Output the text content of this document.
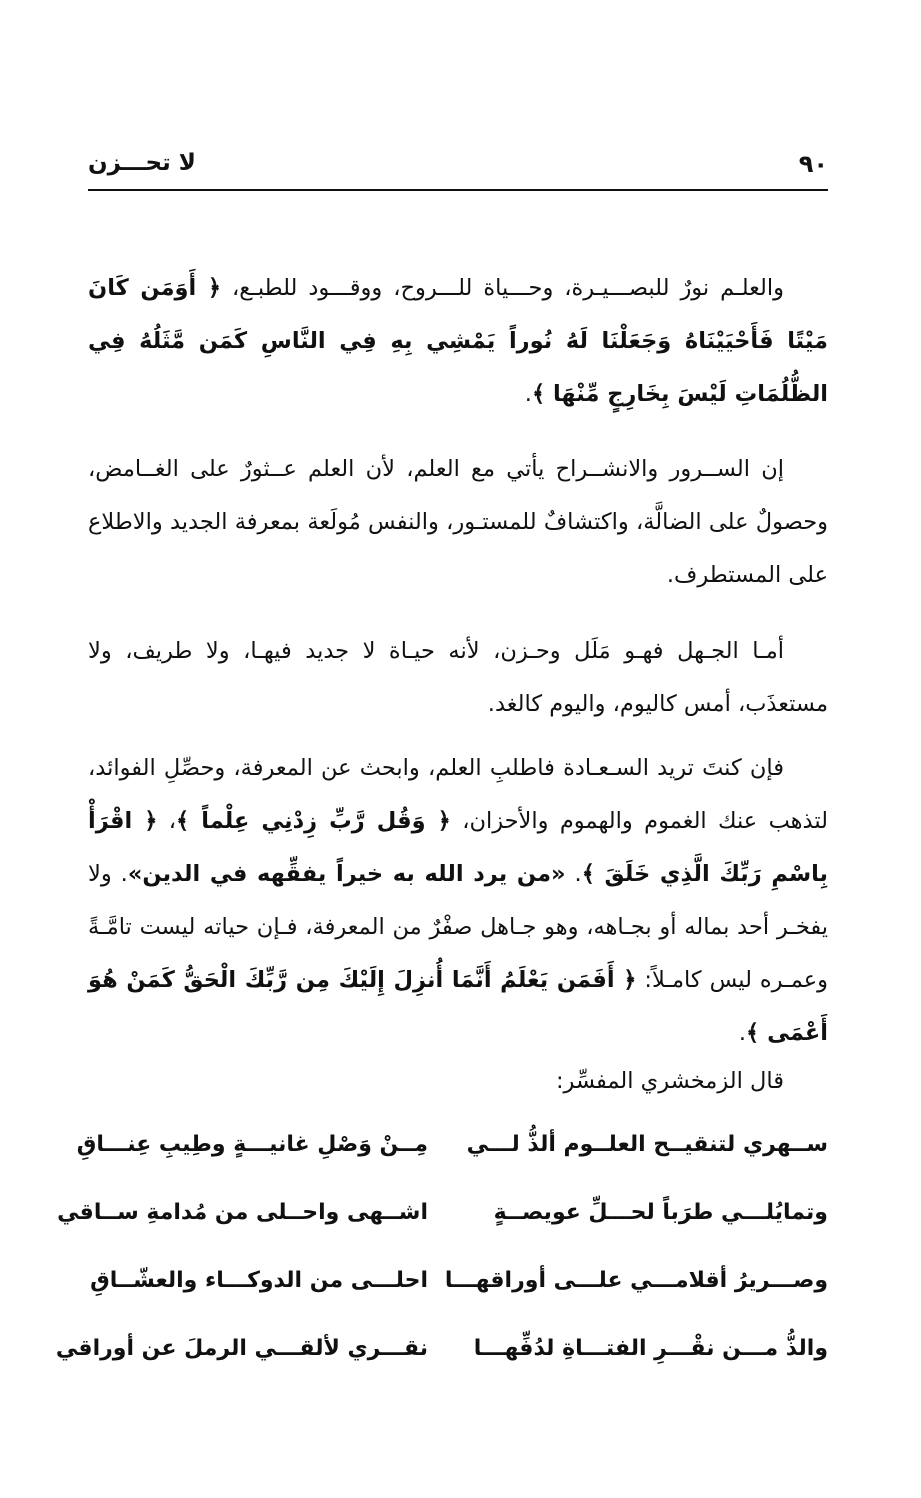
٩٠
لا تحـــزن

والعلـم نورٌ للبصـــيـرة، وحـــياة للـــروح، ووقـــود للطبـع، ﴿ أَوَمَن كَانَ مَيْتًا فَأَحْيَيْنَاهُ وَجَعَلْنَا لَهُ نُوراً يَمْشِي بِهِ فِي النَّاسِ كَمَن مَّثَلُهُ فِي الظُّلُمَاتِ لَيْسَ بِخَارِجٍ مِّنْهَا ﴾.

إن الســرور والانشــراح يأتي مع العلم، لأن العلم عــثورٌ على الغــامض، وحصولٌ على الضالَّة، واكتشافٌ للمستـور، والنفس مُولَعة بمعرفة الجديد والاطلاع على المستطرف.

أمـا الجـهل فهـو مَلَل وحـزن، لأنه حيـاة لا جديد فيهـا، ولا طريف، ولا مستعذَب، أمس كاليوم، واليوم كالغد.

فإن كنتَ تريد السـعـادة فاطلبِ العلم، وابحث عن المعرفة، وحصِّلِ الفوائد، لتذهب عنك الغموم والهموم والأحزان، ﴿ وَقُل رَّبِّ زِدْنِي عِلْماً ﴾، ﴿ اقْرَأْ بِاسْمِ رَبِّكَ الَّذِي خَلَقَ ﴾. «من يرد الله به خيراً يفقِّهه في الدين». ولا يفخـر أحد بماله أو بجـاهه، وهو جـاهل صفْرٌ من المعرفة، فـإن حياته ليست تامَّـةً وعمـره ليس كامـلاً: ﴿ أَفَمَن يَعْلَمُ أَنَّمَا أُنزِلَ إِلَيْكَ مِن رَّبِّكَ الْحَقُّ كَمَنْ هُوَ أَعْمَى ﴾.

قال الزمخشري المفسِّر:

ســهري لتنقيــح العلــوم ألذُّ لـــي
مِــنْ وَصْلِ غانيـــةٍ وطِيبِ عِنـــاقِ
وتمايُلـــي طرَباً لحـــلِّ عويصــةٍ
اشــهى واحــلى من مُدامةِ ســاقي
وصـــريرُ أقلامـــي علـــى أوراقهـــا
احلـــى من الدوكـــاء والعشّــاقِ
والذُّ مـــن نقْـــرِ الفتـــاةِ لدُفِّهـــا
نقـــري لألقـــي الرملَ عن أوراقي
